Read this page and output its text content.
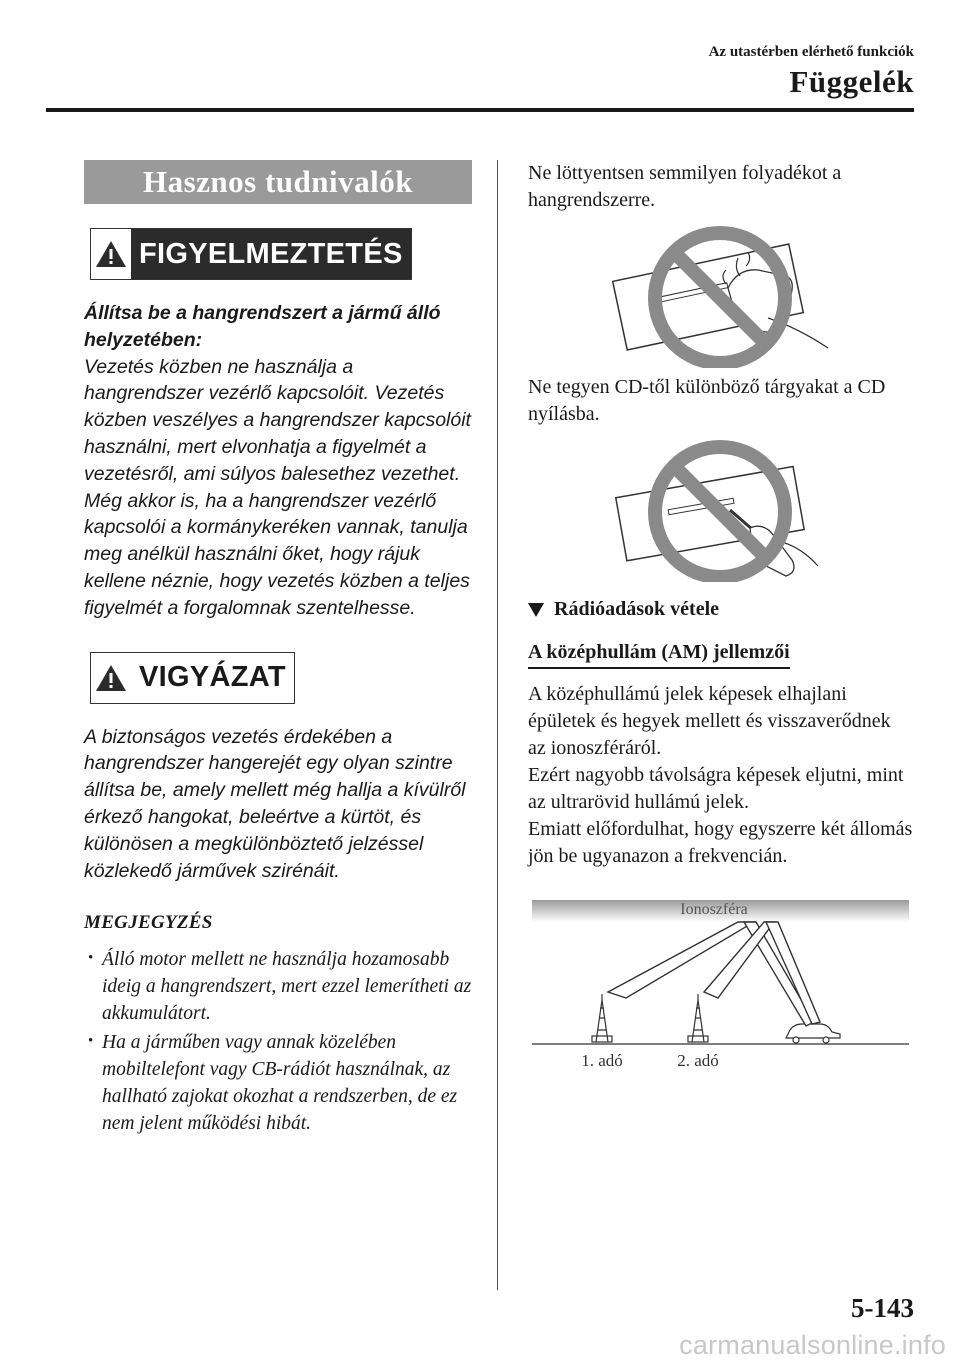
Az utastérben elérhető funkciók
Függelék
Hasznos tudnivalók
FIGYELMEZTETÉS
Állítsa be a hangrendszert a jármű álló helyzetében:
Vezetés közben ne használja a hangrendszer vezérlő kapcsolóit. Vezetés közben veszélyes a hangrendszer kapcsolóit használni, mert elvonhatja a figyelmét a vezetésről, ami súlyos balesethez vezethet.
Még akkor is, ha a hangrendszer vezérlő kapcsolói a kormánykeréken vannak, tanulja meg anélkül használni őket, hogy rájuk kellene néznie, hogy vezetés közben a teljes figyelmét a forgalomnak szentelhesse.
VIGYÁZAT
A biztonságos vezetés érdekében a hangrendszer hangerejét egy olyan szintre állítsa be, amely mellett még hallja a kívülről érkező hangokat, beleértve a kürtöt, és különösen a megkülönböztető jelzéssel közlekedő járművek szirénáit.
MEGJEGYZÉS
• Álló motor mellett ne használja hozamosabb ideig a hangrendszert, mert ezzel lemerítheti az akkumulátort.
• Ha a járműben vagy annak közelében mobiltelefont vagy CB-rádiót használnak, az hallható zajokat okozhat a rendszerben, de ez nem jelent működési hibát.

Ne löttyentsen semmilyen folyadékot a hangrendszerre.

Ne tegyen CD-től különböző tárgyakat a CD nyílásba.

Rádióadások vétele
A középhullám (AM) jellemzői

A középhullámú jelek képesek elhajlani épületek és hegyek mellett és visszaverődnek az ionoszféráról.

Ezért nagyobb távolságra képesek eljutni, mint az ultrarövid hullámú jelek.

Emiatt előfordulhat, hogy egyszerre két állomás jön be ugyanazon a frekvencián.

Ionoszféra
1. adó	2. adó
5-143
carmanualsonline.info
